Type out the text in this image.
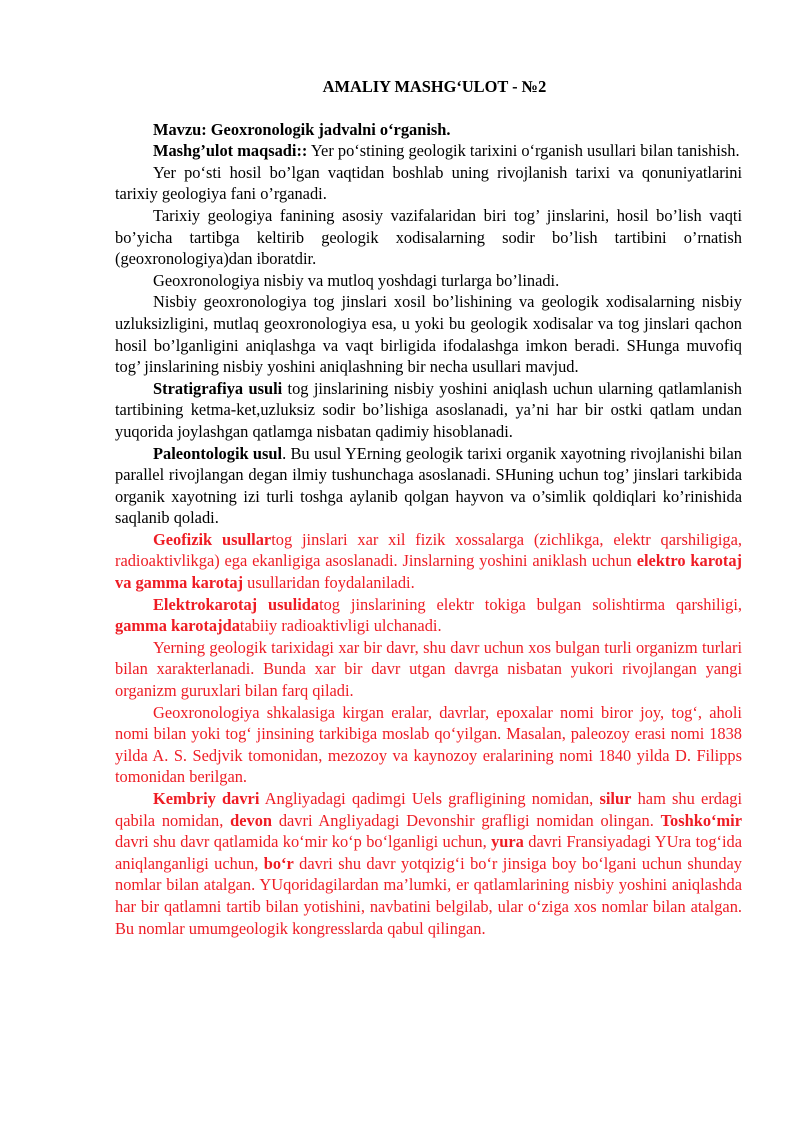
AMALIY MASHG‘ULOT - №2

Mavzu: Geoxronologik jadvalni o‘rganish.

Mashg’ulot maqsadi:: Yer po‘stining geologik tarixini o‘rganish usullari bilan tanishish.

Yer po‘sti hosil bo’lgan vaqtidan boshlab uning rivojlanish tarixi va qonuniyatlarini tarixiy geologiya fani o’rganadi.

Tarixiy geologiya fanining asosiy vazifalaridan biri tog’ jinslarini, hosil bo’lish vaqti bo’yicha tartibga keltirib geologik xodisalarning sodir bo’lish tartibini o’rnatish (geoxronologiya)dan iboratdir.

Geoxronologiya nisbiy va mutloq yoshdagi turlarga bo’linadi.

Nisbiy geoxronologiya tog jinslari xosil bo’lishining va geologik xodisalarning nisbiy uzluksizligini, mutlaq geoxronologiya esa, u yoki bu geologik xodisalar va tog jinslari qachon hosil bo’lganligini aniqlashga va vaqt birligida ifodalashga imkon beradi. SHunga muvofiq tog’ jinslarining nisbiy yoshini aniqlashning bir necha usullari mavjud.

Stratigrafiya usuli tog jinslarining nisbiy yoshini aniqlash uchun ularning qatlamlanish tartibining ketma-ket,uzluksiz sodir bo’lishiga asoslanadi, ya’ni har bir ostki qatlam undan yuqorida joylashgan qatlamga nisbatan qadimiy hisoblanadi.

Paleontologik usul. Bu usul YErning geologik tarixi organik xayotning rivojlanishi bilan parallel rivojlangan degan ilmiy tushunchaga asoslanadi. SHuning uchun tog’ jinslari tarkibida organik xayotning izi turli toshga aylanib qolgan hayvon va o’simlik qoldiqlari ko’rinishida saqlanib qoladi.

Geofizik usullartog jinslari xar xil fizik xossalarga (zichlikga, elektr qarshiligiga, radioaktivlikga) ega ekanligiga asoslanadi. Jinslarning yoshini aniklash uchun elektro karotaj va gamma karotaj usullaridan foydalaniladi.

Elektrokarotaj usulidatog jinslarining elektr tokiga bulgan solishtirma qarshiligi, gamma karotajdatabiiy radioaktivligi ulchanadi.

Yerning geologik tarixidagi xar bir davr, shu davr uchun xos bulgan turli organizm turlari bilan xarakterlanadi. Bunda xar bir davr utgan davrga nisbatan yukori rivojlangan yangi organizm guruxlari bilan farq qiladi.

Geoxronologiya shkalasiga kirgan eralar, davrlar, epoxalar nomi biror joy, tog‘, aholi nomi bilan yoki tog‘ jinsining tarkibiga moslab qo‘yilgan. Masalan, paleozoy erasi nomi 1838 yilda A. S. Sedjvik tomonidan, mezozoy va kaynozoy eralarining nomi 1840 yilda D. Filipps tomonidan berilgan.

Kembriy davri Angliyadagi qadimgi Uels grafligining nomidan, silur ham shu erdagi qabila nomidan, devon davri Angliyadagi Devonshir grafligi nomidan olingan. Toshko‘mir davri shu davr qatlamida ko‘mir ko‘p bo‘lganligi uchun, yura davri Fransiyadagi YUra tog‘ida aniqlanganligi uchun, bo‘r davri shu davr yotqizig‘i bo‘r jinsiga boy bo‘lgani uchun shunday nomlar bilan atalgan. YUqoridagilardan ma’lumki, er qatlamlarining nisbiy yoshini aniqlashda har bir qatlamni tartib bilan yotishini, navbatini belgilab, ular o‘ziga xos nomlar bilan atalgan. Bu nomlar umumgeologik kongresslarda qabul qilingan.
